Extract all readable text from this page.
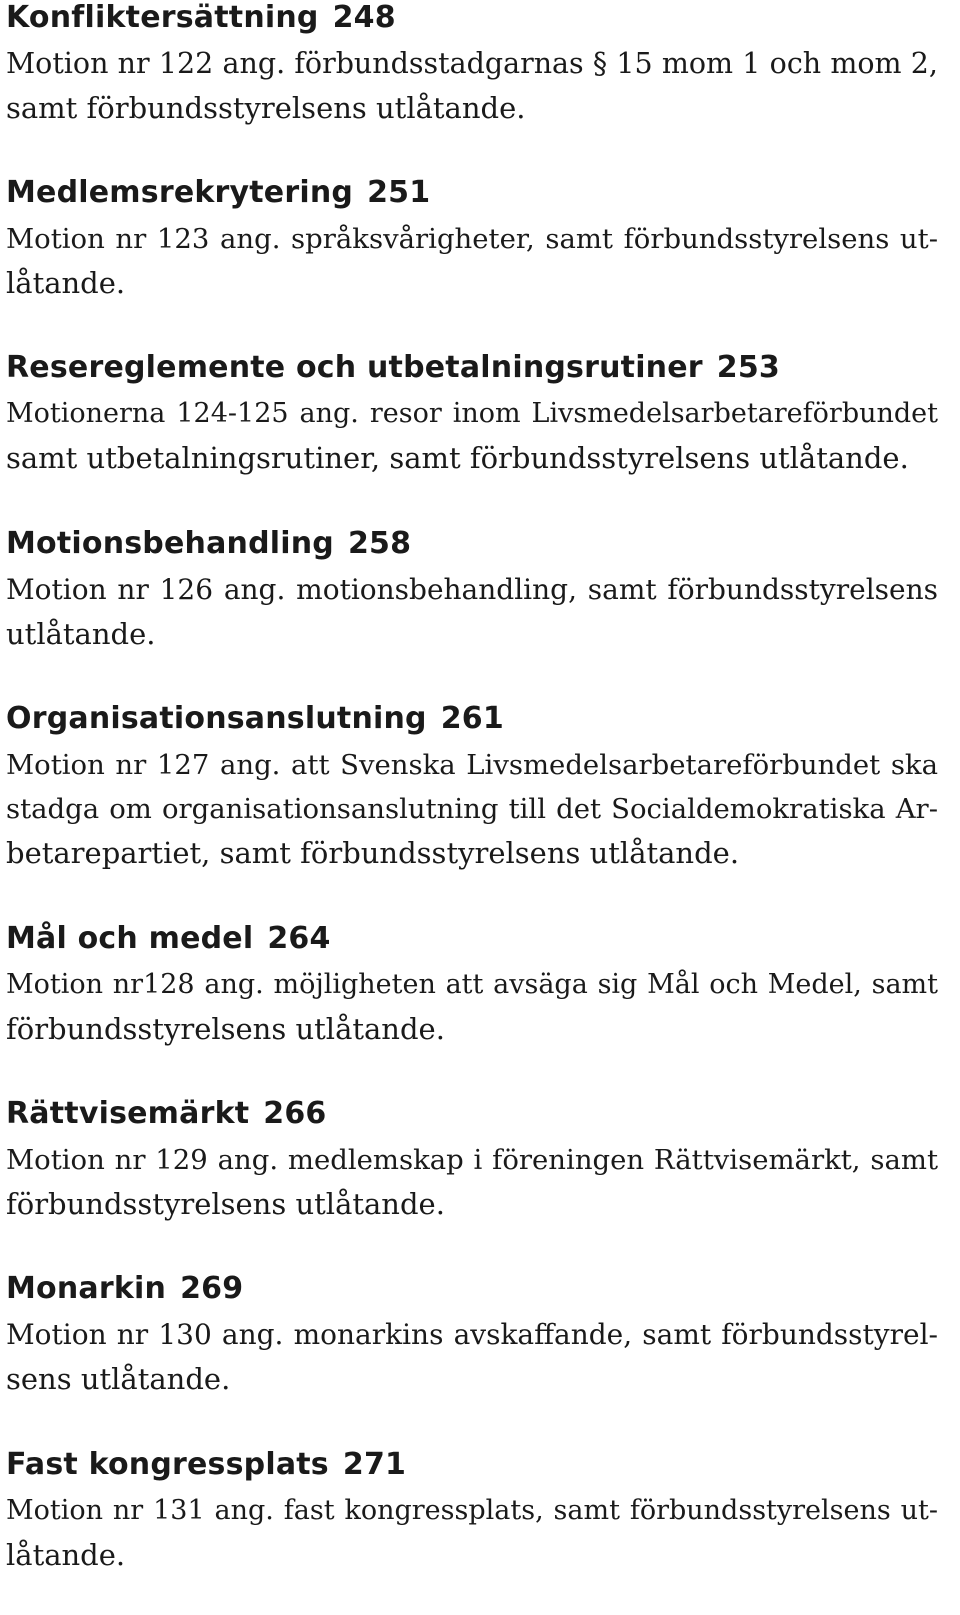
Konfliktersättning 248
Motion nr 122 ang. förbundsstadgarnas § 15 mom 1 och mom 2,
samt förbundsstyrelsens utlåtande.
Medlemsrekrytering 251
Motion nr 123 ang. språksvårigheter, samt förbundsstyrelsens ut-
låtande.
Resereglemente och utbetalningsrutiner 253
Motionerna 124-125 ang. resor inom Livsmedelsarbetareförbundet
samt utbetalningsrutiner, samt förbundsstyrelsens utlåtande.
Motionsbehandling 258
Motion nr 126 ang. motionsbehandling, samt förbundsstyrelsens
utlåtande.
Organisationsanslutning 261
Motion nr 127 ang. att Svenska Livsmedelsarbetareförbundet ska
stadga om organisationsanslutning till det Socialdemokratiska Ar-
betarepartiet, samt förbundsstyrelsens utlåtande.
Mål och medel 264
Motion nr128 ang. möjligheten att avsäga sig Mål och Medel, samt
förbundsstyrelsens utlåtande.
Rättvisemärkt 266
Motion nr 129 ang. medlemskap i föreningen Rättvisemärkt, samt
förbundsstyrelsens utlåtande.
Monarkin 269
Motion nr 130 ang. monarkins avskaffande, samt förbundsstyrel-
sens utlåtande.
Fast kongressplats 271
Motion nr 131 ang. fast kongressplats, samt förbundsstyrelsens ut-
låtande.
